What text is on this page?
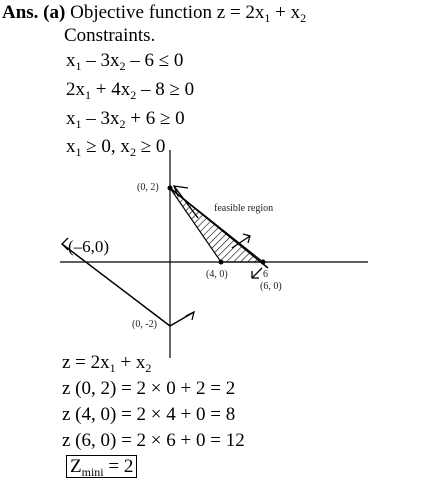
Ans. (a) Objective function $z = 2x_1 + x_2$
Constraints.
$x_1 - 3x_2 - 6 \le 0$
$2x_1 + 4x_2 - 8 \ge 0$
$x_1 - 3x_2 + 6 \ge 0$
$x_1 \ge 0$, $x_2 \ge 0$
(0, 2)
feasible region
(–6,0)
(4, 0)	6
(6, 0)
(0, -2)
$z = 2x_1 + x_2$
z (0, 2) = 2 × 0 + 2 = 2
z (4, 0) = 2 × 4 + 0 = 8
z (6, 0) = 2 × 6 + 0 = 12
$Z_{mini} = 2$
